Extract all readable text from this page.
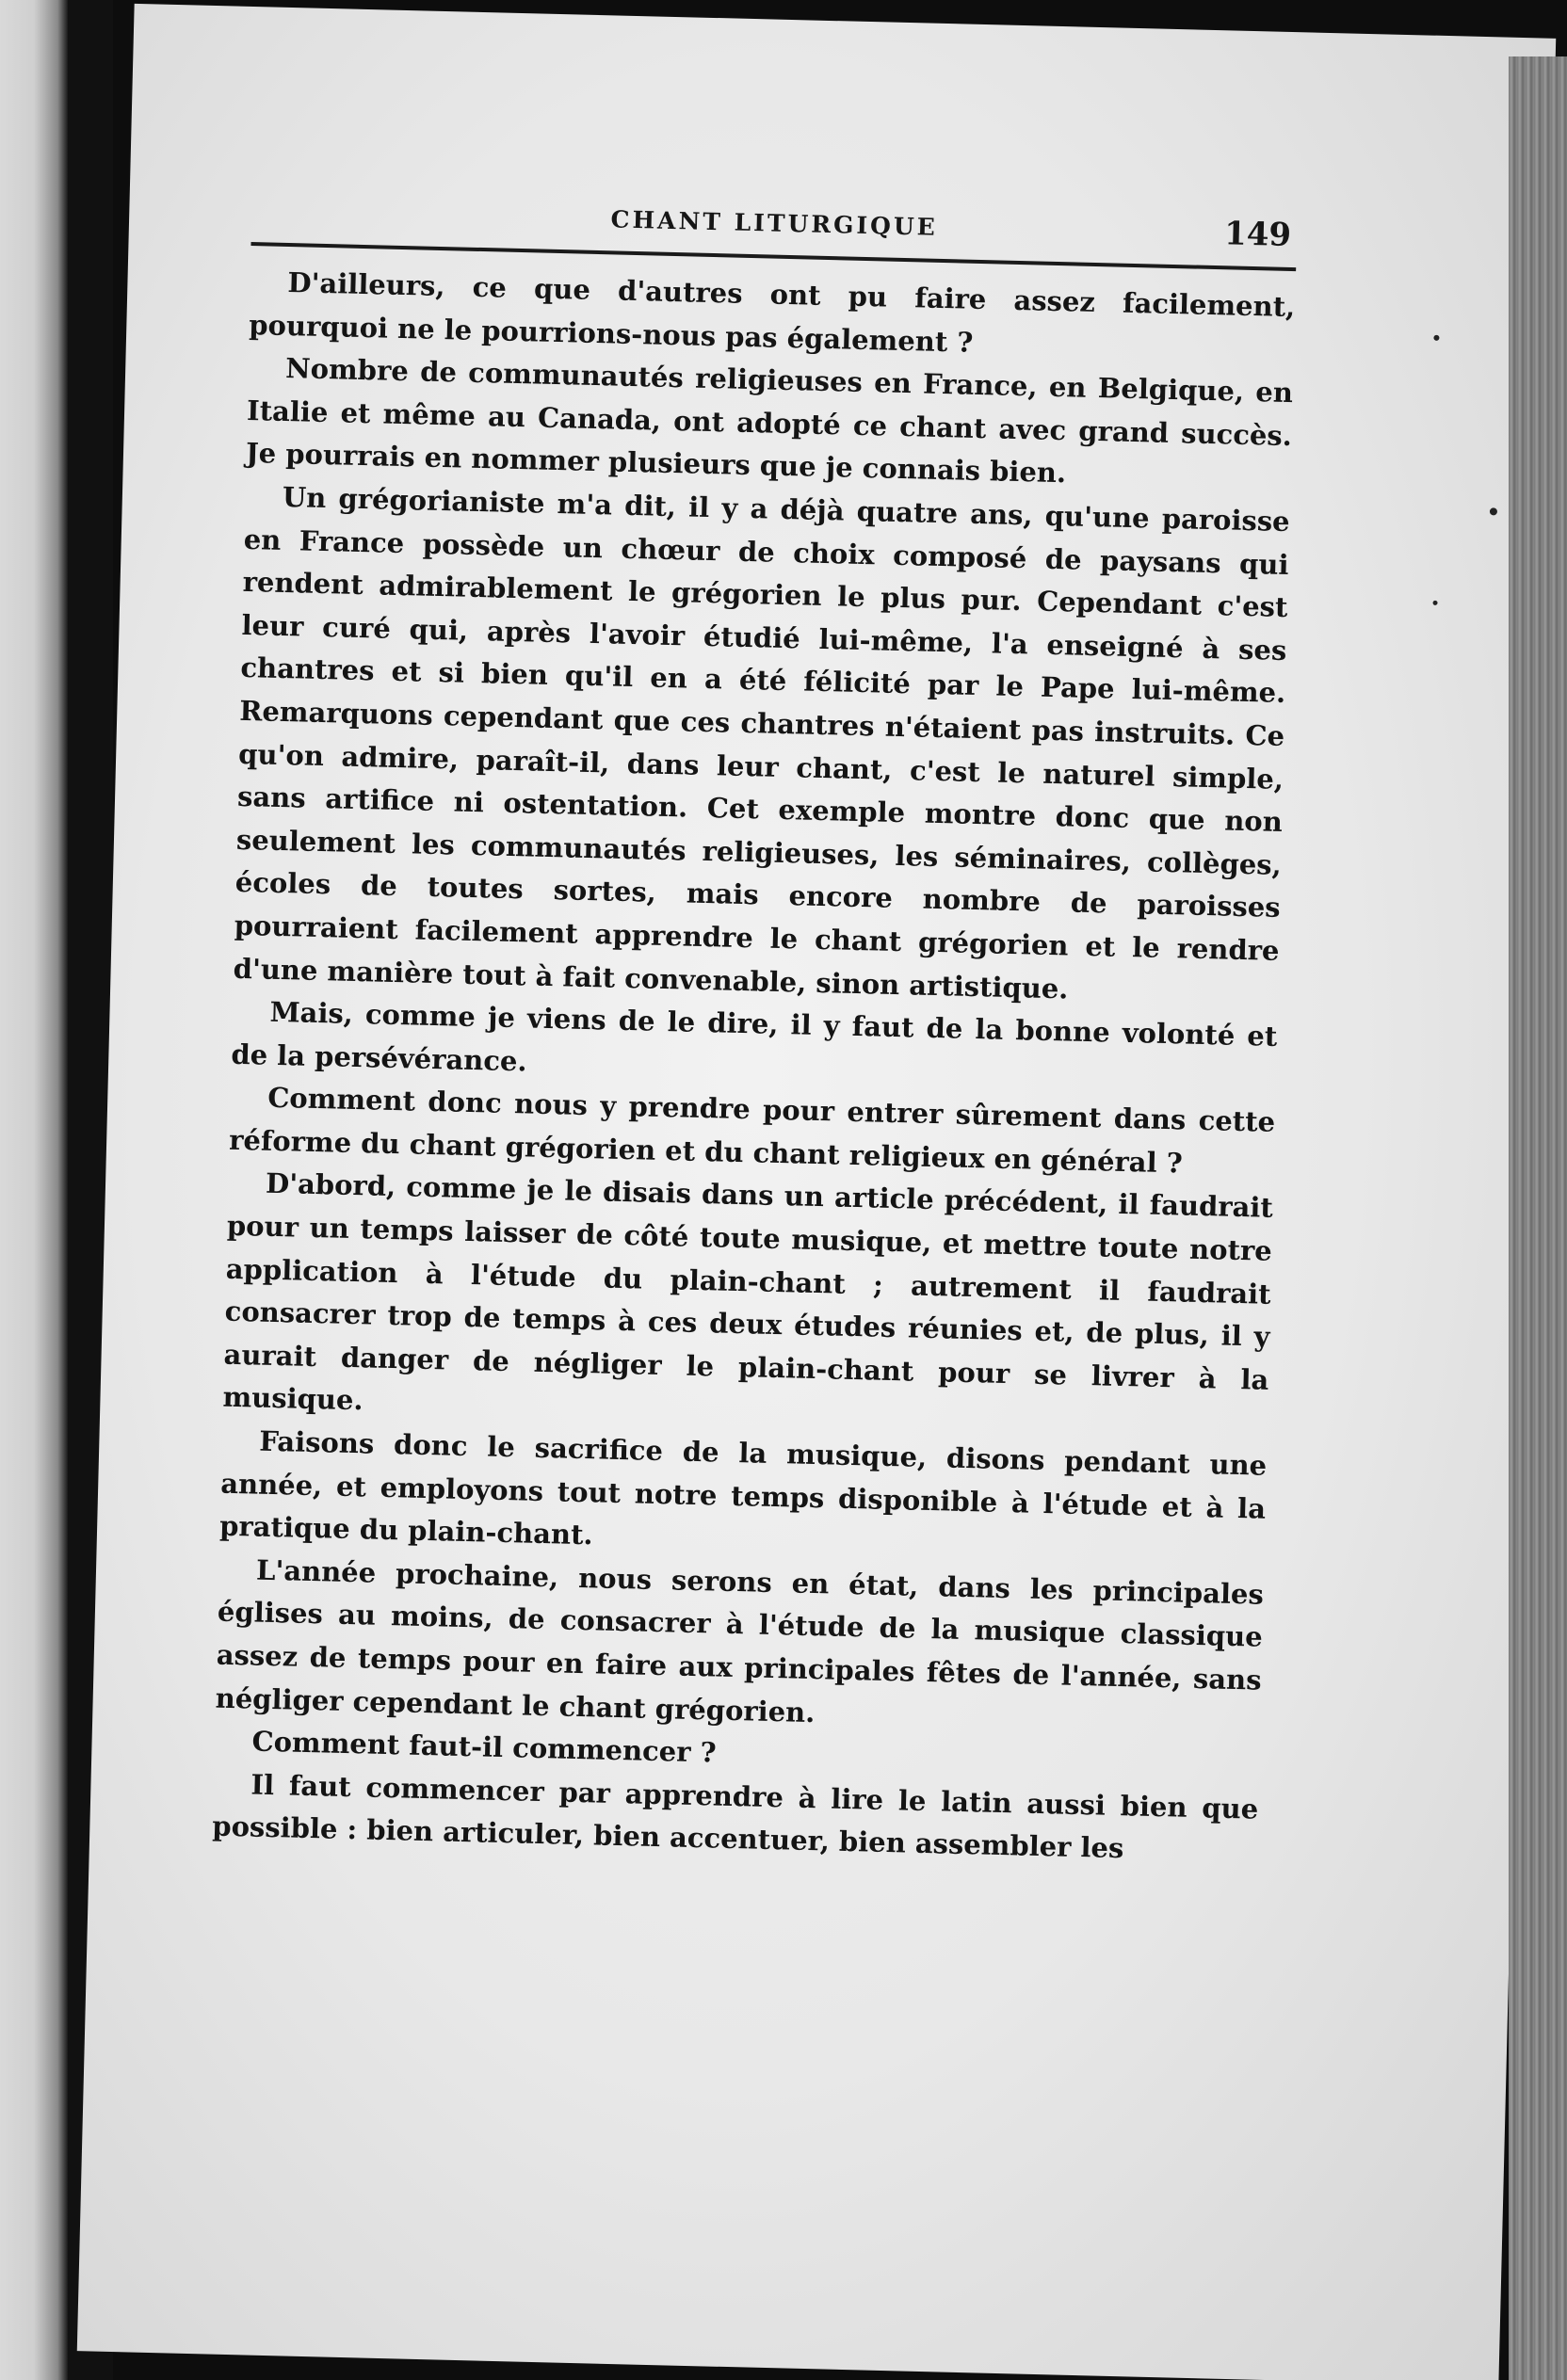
CHANT LITURGIQUE	149

D'ailleurs, ce que d'autres ont pu faire assez facilement, pourquoi ne le pourrions-nous pas également ?

Nombre de communautés religieuses en France, en Belgique, en Italie et même au Canada, ont adopté ce chant avec grand succès. Je pourrais en nommer plusieurs que je connais bien.

Un grégorianiste m'a dit, il y a déjà quatre ans, qu'une paroisse en France possède un chœur de choix composé de paysans qui rendent admirablement le grégorien le plus pur. Cependant c'est leur curé qui, après l'avoir étudié lui-même, l'a enseigné à ses chantres et si bien qu'il en a été félicité par le Pape lui-même. Remarquons cependant que ces chantres n'étaient pas instruits. Ce qu'on admire, paraît-il, dans leur chant, c'est le naturel simple, sans artifice ni ostentation. Cet exemple montre donc que non seulement les communautés religieuses, les séminaires, collèges, écoles de toutes sortes, mais encore nombre de paroisses pourraient facilement apprendre le chant grégorien et le rendre d'une manière tout à fait convenable, sinon artistique.

Mais, comme je viens de le dire, il y faut de la bonne volonté et de la persévérance.

Comment donc nous y prendre pour entrer sûrement dans cette réforme du chant grégorien et du chant religieux en général ?

D'abord, comme je le disais dans un article précédent, il faudrait pour un temps laisser de côté toute musique, et mettre toute notre application à l'étude du plain-chant ; autrement il faudrait consacrer trop de temps à ces deux études réunies et, de plus, il y aurait danger de négliger le plain-chant pour se livrer à la musique.

Faisons donc le sacrifice de la musique, disons pendant une année, et employons tout notre temps disponible à l'étude et à la pratique du plain-chant.

L'année prochaine, nous serons en état, dans les principales églises au moins, de consacrer à l'étude de la musique classique assez de temps pour en faire aux principales fêtes de l'année, sans négliger cependant le chant grégorien.

Comment faut-il commencer ?

Il faut commencer par apprendre à lire le latin aussi bien que possible : bien articuler, bien accentuer, bien assembler les
